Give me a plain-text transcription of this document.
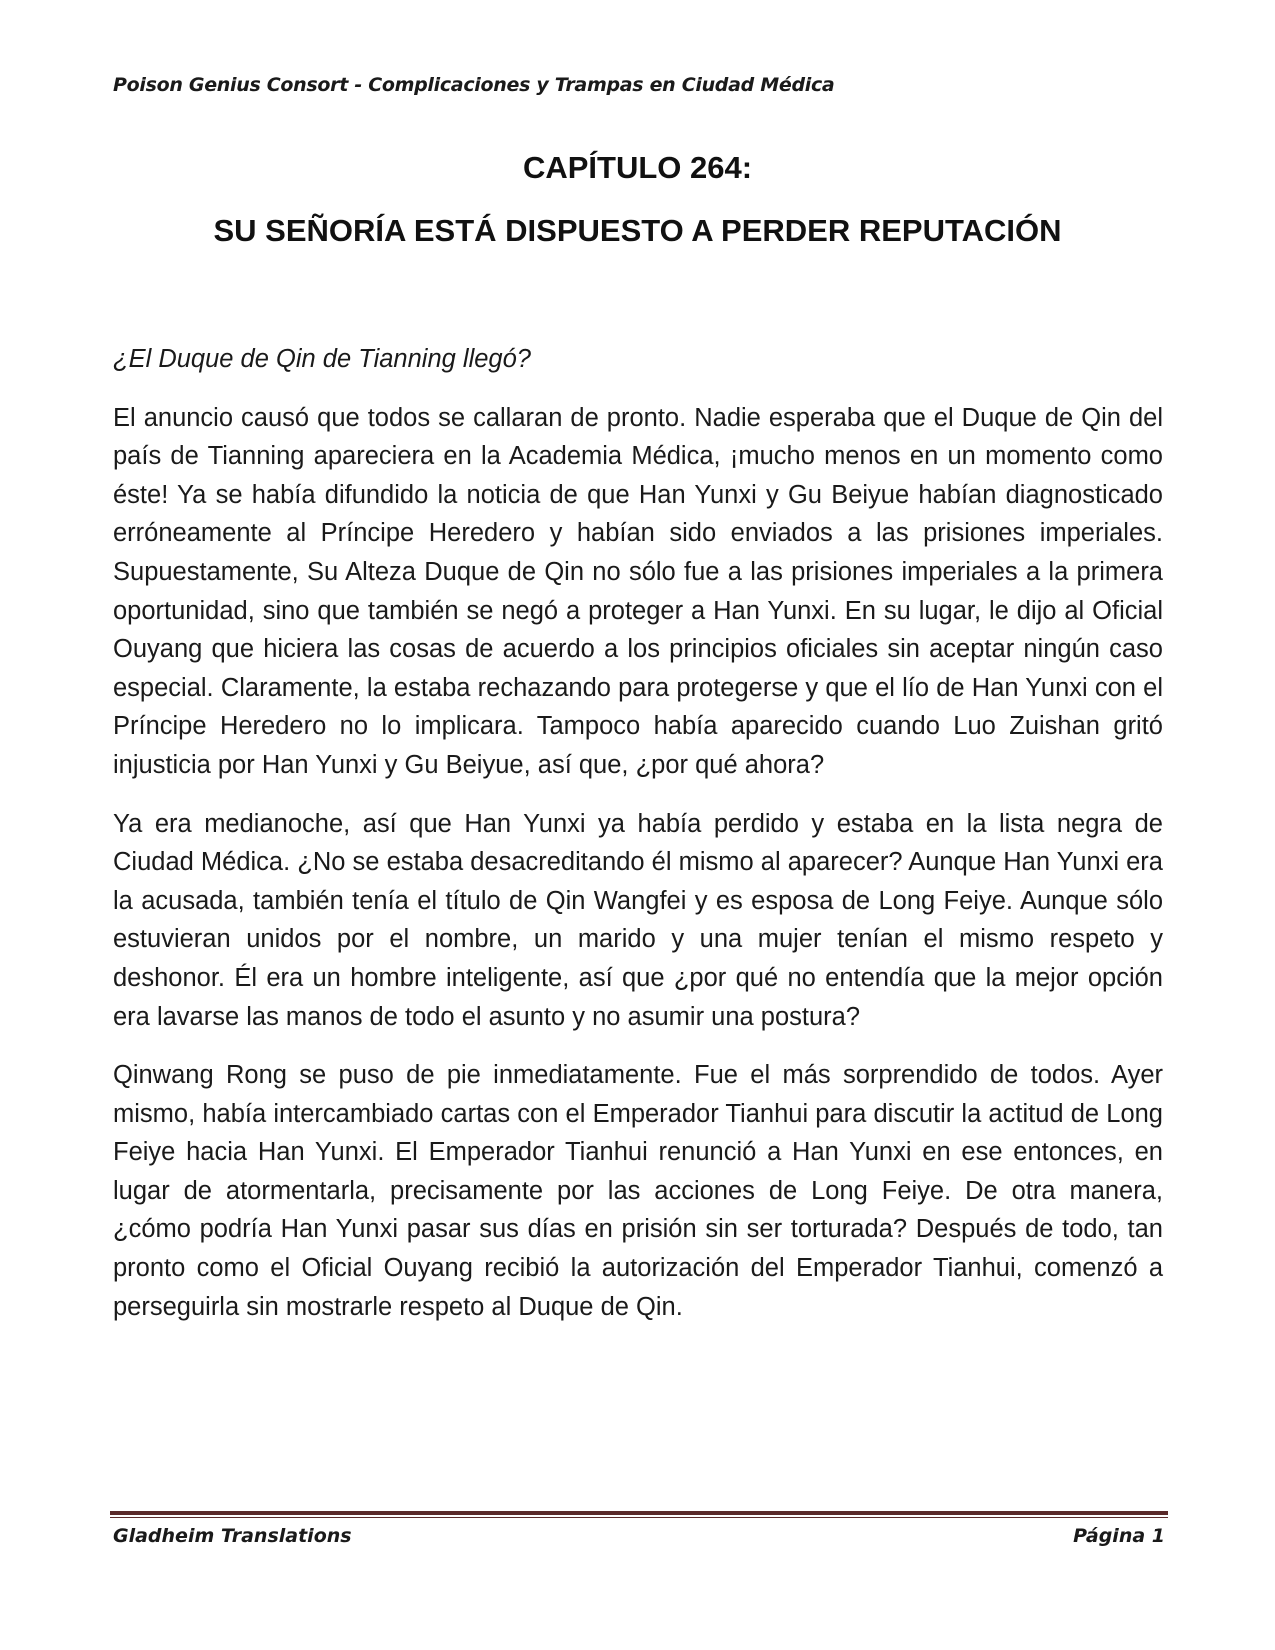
Poison Genius Consort - Complicaciones y Trampas en Ciudad Médica
CAPÍTULO 264:
SU SEÑORÍA ESTÁ DISPUESTO A PERDER REPUTACIÓN

¿El Duque de Qin de Tianning llegó?

El anuncio causó que todos se callaran de pronto. Nadie esperaba que el Duque de Qin del país de Tianning apareciera en la Academia Médica, ¡mucho menos en un momento como éste! Ya se había difundido la noticia de que Han Yunxi y Gu Beiyue habían diagnosticado erróneamente al Príncipe Heredero y habían sido enviados a las prisiones imperiales. Supuestamente, Su Alteza Duque de Qin no sólo fue a las prisiones imperiales a la primera oportunidad, sino que también se negó a proteger a Han Yunxi. En su lugar, le dijo al Oficial Ouyang que hiciera las cosas de acuerdo a los principios oficiales sin aceptar ningún caso especial. Claramente, la estaba rechazando para protegerse y que el lío de Han Yunxi con el Príncipe Heredero no lo implicara. Tampoco había aparecido cuando Luo Zuishan gritó injusticia por Han Yunxi y Gu Beiyue, así que, ¿por qué ahora?

Ya era medianoche, así que Han Yunxi ya había perdido y estaba en la lista negra de Ciudad Médica. ¿No se estaba desacreditando él mismo al aparecer? Aunque Han Yunxi era la acusada, también tenía el título de Qin Wangfei y es esposa de Long Feiye. Aunque sólo estuvieran unidos por el nombre, un marido y una mujer tenían el mismo respeto y deshonor. Él era un hombre inteligente, así que ¿por qué no entendía que la mejor opción era lavarse las manos de todo el asunto y no asumir una postura?

Qinwang Rong se puso de pie inmediatamente. Fue el más sorprendido de todos. Ayer mismo, había intercambiado cartas con el Emperador Tianhui para discutir la actitud de Long Feiye hacia Han Yunxi. El Emperador Tianhui renunció a Han Yunxi en ese entonces, en lugar de atormentarla, precisamente por las acciones de Long Feiye. De otra manera, ¿cómo podría Han Yunxi pasar sus días en prisión sin ser torturada? Después de todo, tan pronto como el Oficial Ouyang recibió la autorización del Emperador Tianhui, comenzó a perseguirla sin mostrarle respeto al Duque de Qin.

Gladheim Translations	Página 1
